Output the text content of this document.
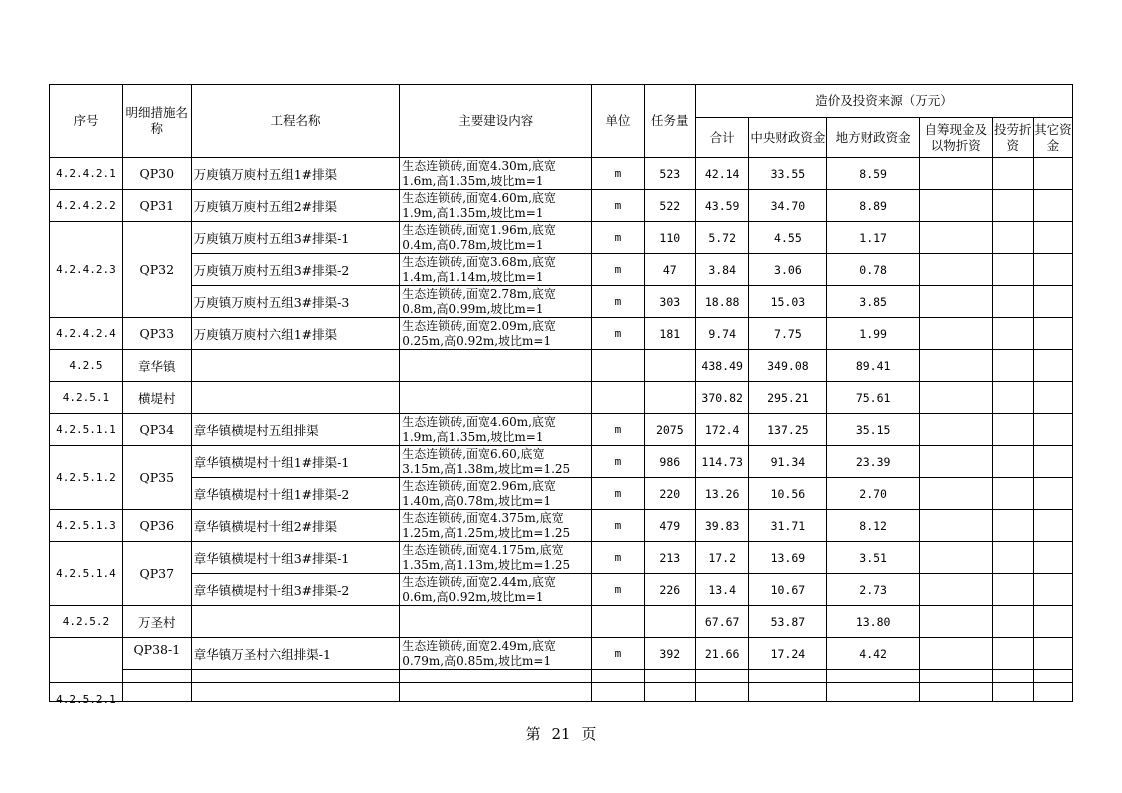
序号	明细措施名称	工程名称	主要建设内容	单位	任务量	造价及投资来源（万元）					
						合计	中央财政资金	地方财政资金	自筹现金及以物折资	投劳折资	其它资金
4.2.4.2.1	QP30	万庾镇万庾村五组1#排渠	生态连锁砖,面宽4.30m,底宽
1.6m,高1.35m,坡比m=1	m	523	42.14	33.55	8.59			
4.2.4.2.2	QP31	万庾镇万庾村五组2#排渠	生态连锁砖,面宽4.60m,底宽
1.9m,高1.35m,坡比m=1	m	522	43.59	34.70	8.89			
4.2.4.2.3	QP32	万庾镇万庾村五组3#排渠-1	生态连锁砖,面宽1.96m,底宽
0.4m,高0.78m,坡比m=1	m	110	5.72	4.55	1.17			
		万庾镇万庾村五组3#排渠-2	生态连锁砖,面宽3.68m,底宽
1.4m,高1.14m,坡比m=1	m	47	3.84	3.06	0.78			
		万庾镇万庾村五组3#排渠-3	生态连锁砖,面宽2.78m,底宽
0.8m,高0.99m,坡比m=1	m	303	18.88	15.03	3.85			
4.2.4.2.4	QP33	万庾镇万庾村六组1#排渠	生态连锁砖,面宽2.09m,底宽
0.25m,高0.92m,坡比m=1	m	181	9.74	7.75	1.99			
4.2.5	章华镇					438.49	349.08	89.41			
4.2.5.1	横堤村					370.82	295.21	75.61			
4.2.5.1.1	QP34	章华镇横堤村五组排渠	生态连锁砖,面宽4.60m,底宽
1.9m,高1.35m,坡比m=1	m	2075	172.4	137.25	35.15			
4.2.5.1.2	QP35	章华镇横堤村十组1#排渠-1	生态连锁砖,面宽6.60,底宽
3.15m,高1.38m,坡比m=1.25	m	986	114.73	91.34	23.39			
		章华镇横堤村十组1#排渠-2	生态连锁砖,面宽2.96m,底宽
1.40m,高0.78m,坡比m=1	m	220	13.26	10.56	2.70			
4.2.5.1.3	QP36	章华镇横堤村十组2#排渠	生态连锁砖,面宽4.375m,底宽
1.25m,高1.25m,坡比m=1.25	m	479	39.83	31.71	8.12			
4.2.5.1.4	QP37	章华镇横堤村十组3#排渠-1	生态连锁砖,面宽4.175m,底宽
1.35m,高1.13m,坡比m=1.25	m	213	17.2	13.69	3.51			
		章华镇横堤村十组3#排渠-2	生态连锁砖,面宽2.44m,底宽
0.6m,高0.92m,坡比m=1	m	226	13.4	10.67	2.73			
4.2.5.2	万圣村					67.67	53.87	13.80			

4.2.5.2.1	QP38-1	章华镇万圣村六组排渠-1	生态连锁砖,面宽2.49m,底宽
0.79m,高0.85m,坡比m=1	m	392	21.66	17.24	4.42			

第 21 页
